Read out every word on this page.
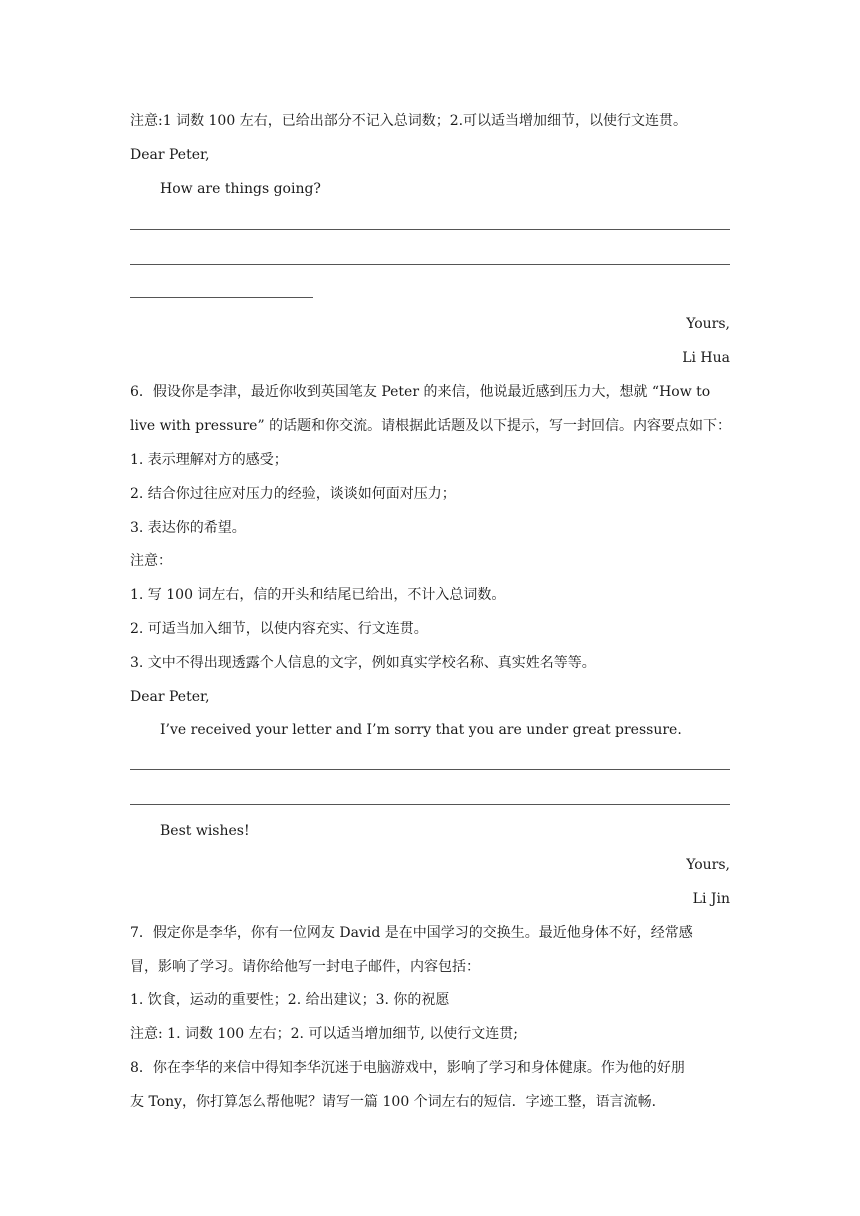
注意:1 词数 100 左右，已给出部分不记入总词数；2.可以适当增加细节，以使行文连贯。
Dear Peter,
How are things going?
Yours,
Li Hua
6．假设你是李津，最近你收到英国笔友 Peter 的来信，他说最近感到压力大，想就 “How to
live with pressure” 的话题和你交流。请根据此话题及以下提示，写一封回信。内容要点如下：
1. 表示理解对方的感受；
2. 结合你过往应对压力的经验，谈谈如何面对压力；
3. 表达你的希望。
注意：
1. 写 100 词左右，信的开头和结尾已给出，不计入总词数。
2. 可适当加入细节，以使内容充实、行文连贯。
3. 文中不得出现透露个人信息的文字，例如真实学校名称、真实姓名等等。
Dear Peter,
I’ve received your letter and I’m sorry that you are under great pressure.
Best wishes!
Yours,
Li Jin
7．假定你是李华，你有一位网友 David 是在中国学习的交换生。最近他身体不好，经常感
冒，影响了学习。请你给他写一封电子邮件，内容包括：
1. 饮食，运动的重要性；2. 给出建议；3. 你的祝愿
注意: 1. 词数 100 左右；2. 可以适当增加细节, 以使行文连贯;
8．你在李华的来信中得知李华沉迷于电脑游戏中，影响了学习和身体健康。作为他的好朋
友 Tony，你打算怎么帮他呢？请写一篇 100 个词左右的短信．字迹工整，语言流畅．
